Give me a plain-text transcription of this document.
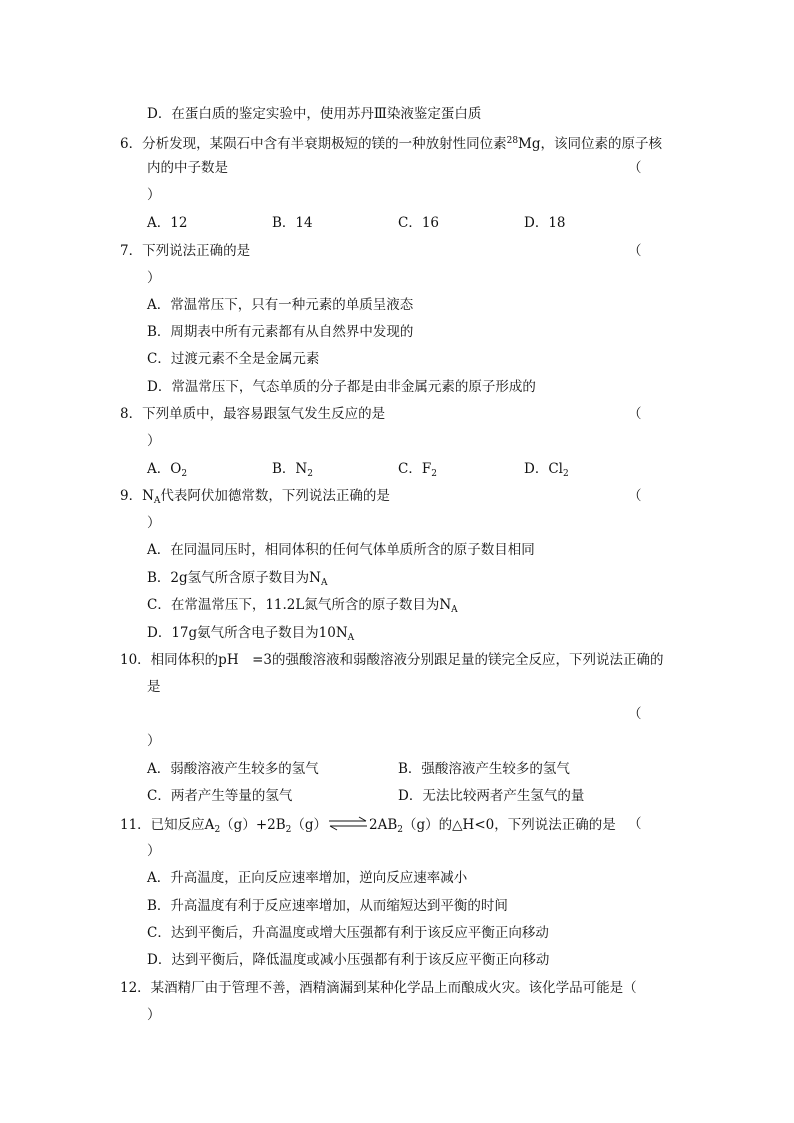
D．在蛋白质的鉴定实验中，使用苏丹Ⅲ染液鉴定蛋白质
6．分析发现，某陨石中含有半衰期极短的镁的一种放射性同位素$^{28}$Mg，该同位素的原子核
内的中子数是	（
）
A．12	B．14	C．16	D．18
7．下列说法正确的是	（
）
A．常温常压下，只有一种元素的单质呈液态
B．周期表中所有元素都有从自然界中发现的
C．过渡元素不全是金属元素
D．常温常压下，气态单质的分子都是由非金属元素的原子形成的
8．下列单质中，最容易跟氢气发生反应的是	（
）
A．$O_2$	B．$N_2$	C．$F_2$	D．$Cl_2$
9．$N_A$代表阿伏加德常数，下列说法正确的是	（
）
A．在同温同压时，相同体积的任何气体单质所含的原子数目相同
B．2g氢气所含原子数目为$N_A$
C．在常温常压下，11.2L氮气所含的原子数目为$N_A$
D．17g氨气所含电子数目为$10N_A$
10．相同体积的pH　=3的强酸溶液和弱酸溶液分别跟足量的镁完全反应，下列说法正确的
是
（
）
A．弱酸溶液产生较多的氢气	B．强酸溶液产生较多的氢气
C．两者产生等量的氢气	D．无法比较两者产生氢气的量
11．已知反应$A_2(g)+2B_2(g)\rightleftharpoons 2AB_2(g)$的△H<0，下列说法正确的是 （
）
A．升高温度，正向反应速率增加，逆向反应速率减小
B．升高温度有利于反应速率增加，从而缩短达到平衡的时间
C．达到平衡后，升高温度或增大压强都有利于该反应平衡正向移动
D．达到平衡后，降低温度或减小压强都有利于该反应平衡正向移动
12．某酒精厂由于管理不善，酒精滴漏到某种化学品上而酿成火灾。该化学品可能是（
）
